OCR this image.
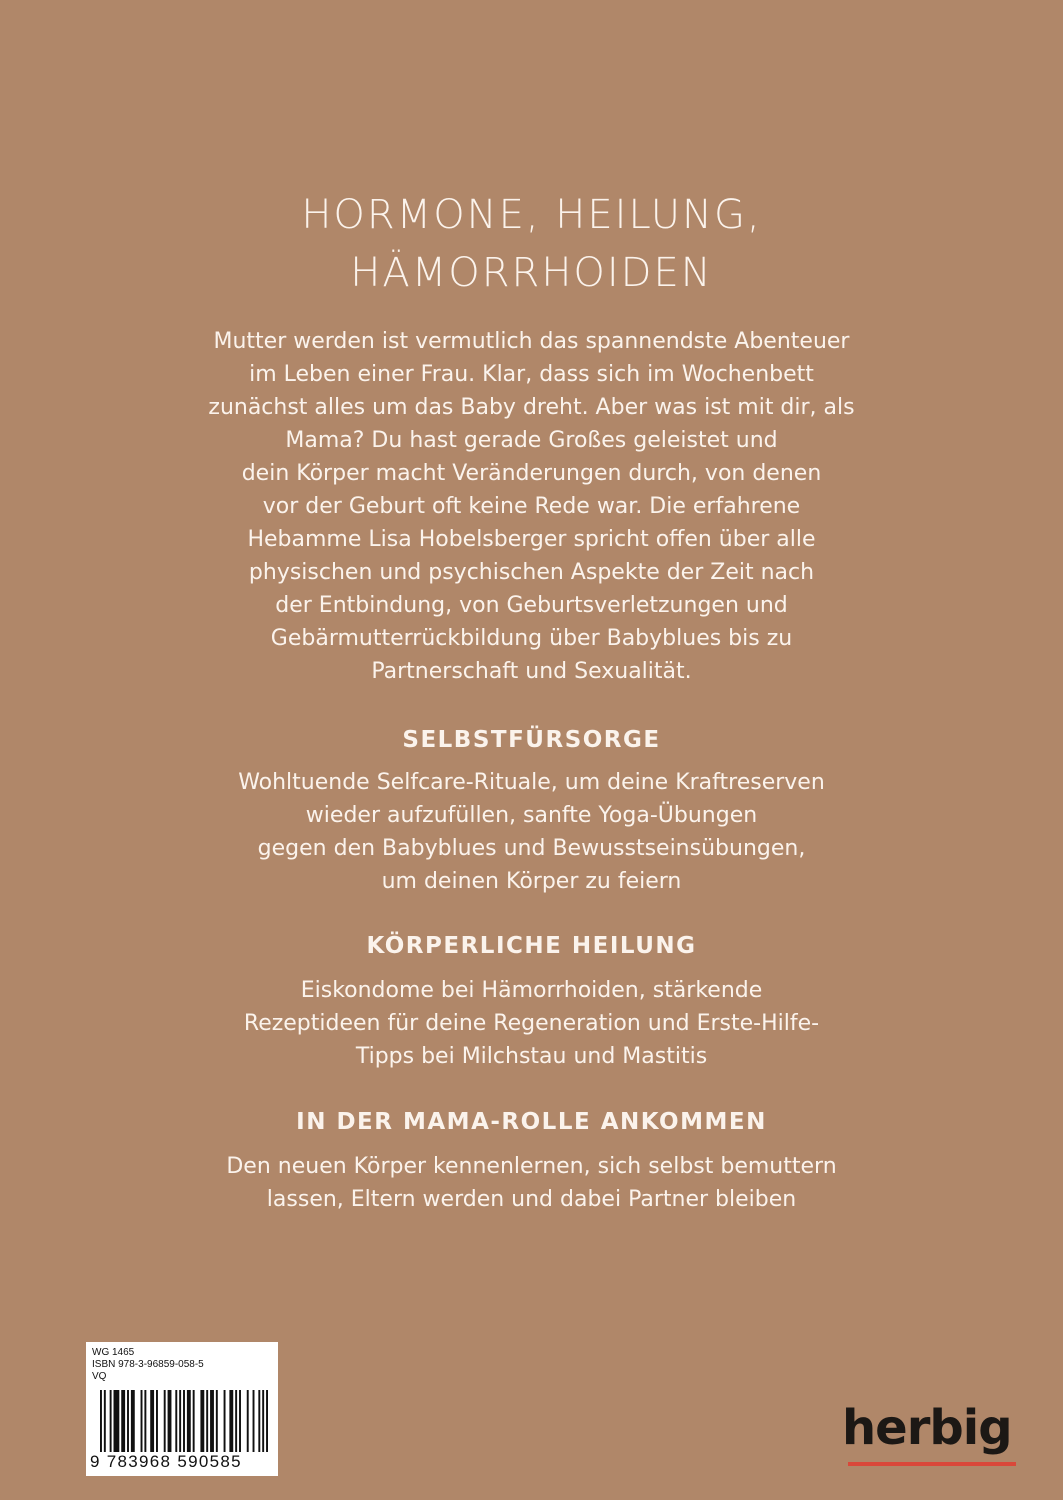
HORMONE, HEILUNG,
HÄMORRHOIDEN

Mutter werden ist vermutlich das spannendste Abenteuer
im Leben einer Frau. Klar, dass sich im Wochenbett
zunächst alles um das Baby dreht. Aber was ist mit dir, als
Mama? Du hast gerade Großes geleistet und
dein Körper macht Veränderungen durch, von denen
vor der Geburt oft keine Rede war. Die erfahrene
Hebamme Lisa Hobelsberger spricht offen über alle
physischen und psychischen Aspekte der Zeit nach
der Entbindung, von Geburtsverletzungen und
Gebärmutterrückbildung über Babyblues bis zu
Partnerschaft und Sexualität.

SELBSTFÜRSORGE

Wohltuende Selfcare-Rituale, um deine Kraftreserven
wieder aufzufüllen, sanfte Yoga-Übungen
gegen den Babyblues und Bewusstseinsübungen,
um deinen Körper zu feiern

KÖRPERLICHE HEILUNG

Eiskondome bei Hämorrhoiden, stärkende
Rezeptideen für deine Regeneration und Erste-Hilfe-
Tipps bei Milchstau und Mastitis

IN DER MAMA-ROLLE ANKOMMEN

Den neuen Körper kennenlernen, sich selbst bemuttern
lassen, Eltern werden und dabei Partner bleiben

WG 1465
ISBN 978-3-96859-058-5
VQ
9 783968 590585
herbig
